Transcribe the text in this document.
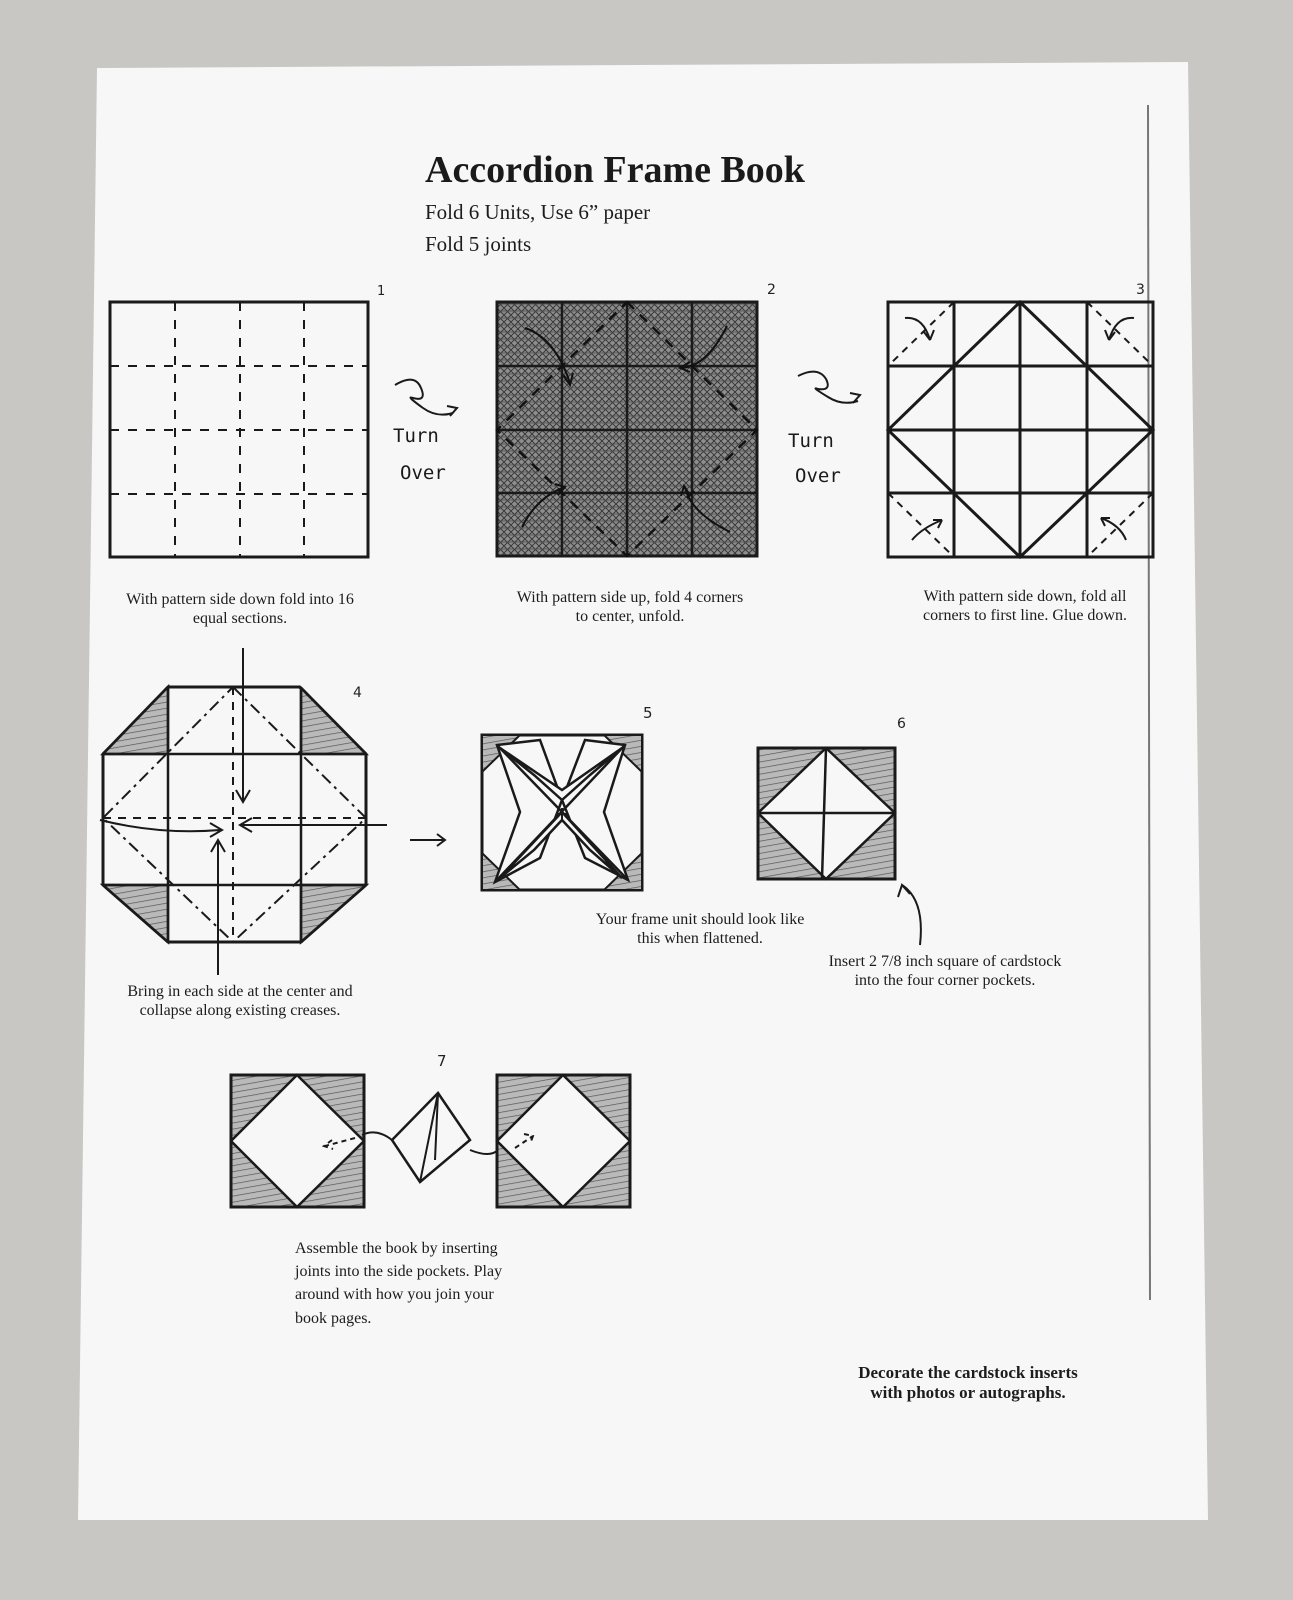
1	2	3
4
5
6
7
Accordion Frame Book
Fold 6 Units, Use 6” paper
Fold 5 joints
Turn
Over
Turn
Over
With pattern side down fold into 16
equal sections.
With pattern side up, fold 4 corners
to center, unfold.
With pattern side down, fold all
corners to first line. Glue down.
Bring in each side at the center and
collapse along existing creases.
Your frame unit should look like
this when flattened.
Insert 2 7/8 inch square of cardstock
into the four corner pockets.
Assemble the book by inserting
joints into the side pockets. Play
around with how you join your
book pages.
Decorate the cardstock inserts
with photos or autographs.
